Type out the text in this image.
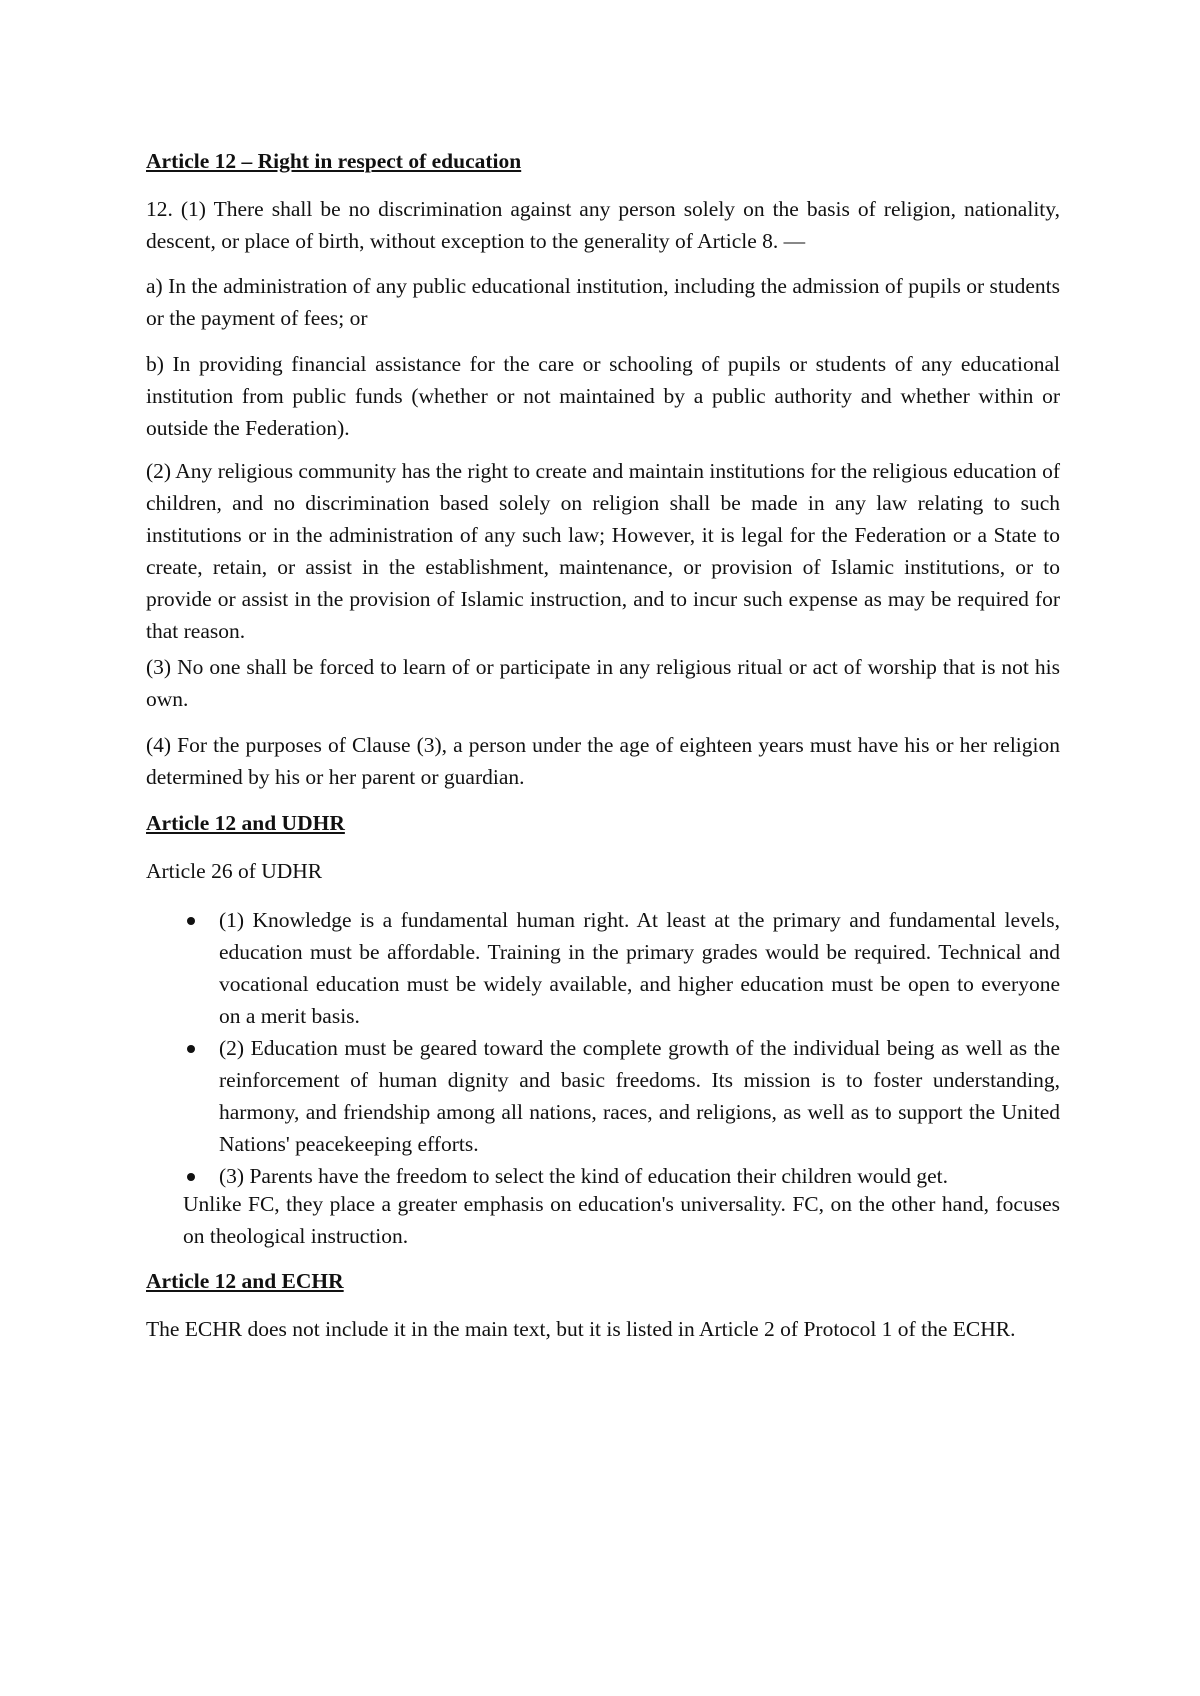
Article 12 – Right in respect of education

12. (1) There shall be no discrimination against any person solely on the basis of religion, nationality, descent, or place of birth, without exception to the generality of Article 8. —

a) In the administration of any public educational institution, including the admission of pupils or students or the payment of fees; or

b) In providing financial assistance for the care or schooling of pupils or students of any educational institution from public funds (whether or not maintained by a public authority and whether within or outside the Federation).

(2) Any religious community has the right to create and maintain institutions for the religious education of children, and no discrimination based solely on religion shall be made in any law relating to such institutions or in the administration of any such law; However, it is legal for the Federation or a State to create, retain, or assist in the establishment, maintenance, or provision of Islamic institutions, or to provide or assist in the provision of Islamic instruction, and to incur such expense as may be required for that reason.

(3) No one shall be forced to learn of or participate in any religious ritual or act of worship that is not his own.

(4) For the purposes of Clause (3), a person under the age of eighteen years must have his or her religion determined by his or her parent or guardian.

Article 12 and UDHR
Article 26 of UDHR
(1) Knowledge is a fundamental human right. At least at the primary and fundamental levels, education must be affordable. Training in the primary grades would be required. Technical and vocational education must be widely available, and higher education must be open to everyone on a merit basis.
(2) Education must be geared toward the complete growth of the individual being as well as the reinforcement of human dignity and basic freedoms. Its mission is to foster understanding, harmony, and friendship among all nations, races, and religions, as well as to support the United Nations' peacekeeping efforts.
(3) Parents have the freedom to select the kind of education their children would get.

Unlike FC, they place a greater emphasis on education's universality. FC, on the other hand, focuses on theological instruction.

Article 12 and ECHR

The ECHR does not include it in the main text, but it is listed in Article 2 of Protocol 1 of the ECHR.
